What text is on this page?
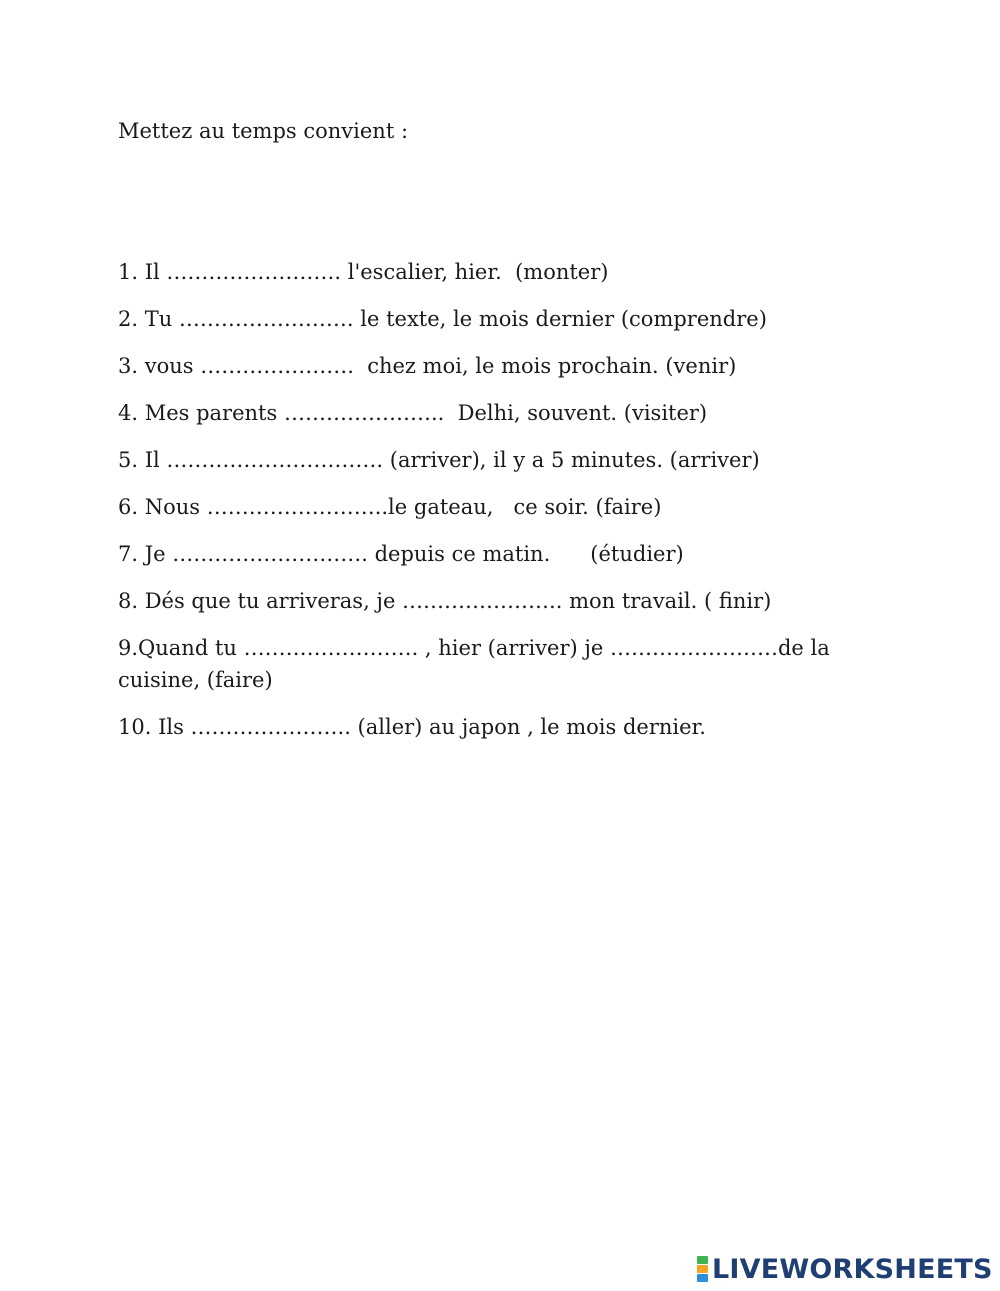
Mettez au temps convient :
1. Il ……………………. l'escalier, hier.  (monter)
2. Tu ……………………. le texte, le mois dernier (comprendre)
3. vous ………………….  chez moi, le mois prochain. (venir)
4. Mes parents …………………..  Delhi, souvent. (visiter)
5. Il …………………………. (arriver), il y a 5 minutes. (arriver)
6. Nous ……………………..le gateau,   ce soir. (faire)
7. Je ………………………. depuis ce matin.      (étudier)
8. Dés que tu arriveras, je ………………….. mon travail. ( finir)
9.Quand tu ……………………. , hier (arriver) je ……………………de la cuisine, (faire)
10. Ils ………………….. (aller) au japon , le mois dernier.
LIVEWORKSHEETS
